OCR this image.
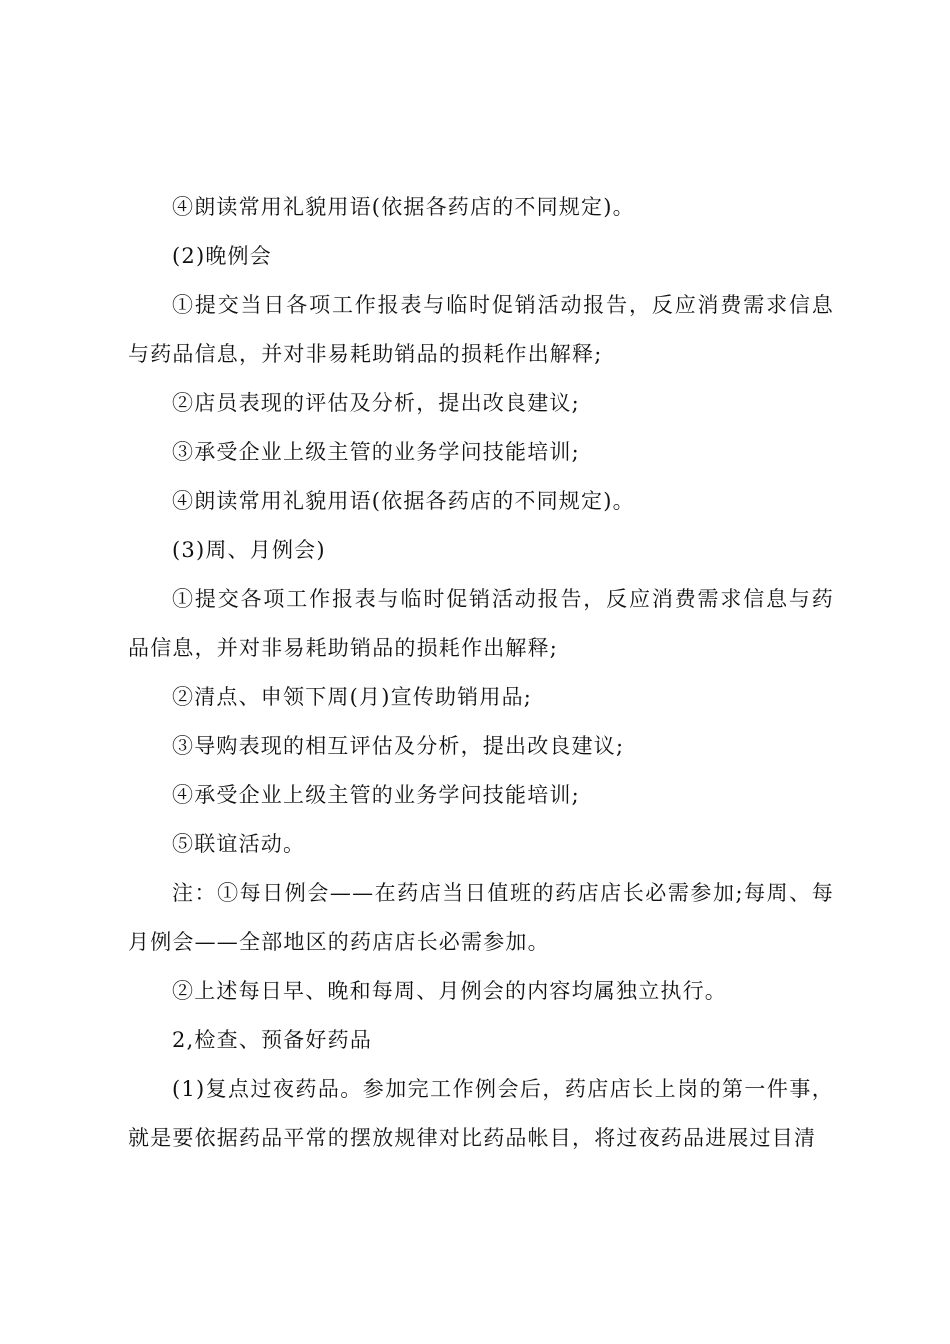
④朗读常用礼貌用语(依据各药店的不同规定)。

(2)晚例会

①提交当日各项工作报表与临时促销活动报告，反应消费需求信息与药品信息，并对非易耗助销品的损耗作出解释;

②店员表现的评估及分析，提出改良建议;

③承受企业上级主管的业务学问技能培训;

④朗读常用礼貌用语(依据各药店的不同规定)。

(3)周、月例会)

①提交各项工作报表与临时促销活动报告，反应消费需求信息与药品信息，并对非易耗助销品的损耗作出解释;

②清点、申领下周(月)宣传助销用品;

③导购表现的相互评估及分析，提出改良建议;

④承受企业上级主管的业务学问技能培训;

⑤联谊活动。

注：①每日例会——在药店当日值班的药店店长必需参加;每周、每月例会——全部地区的药店店长必需参加。

②上述每日早、晚和每周、月例会的内容均属独立执行。

2,检查、预备好药品

(1)复点过夜药品。参加完工作例会后，药店店长上岗的第一件事，就是要依据药品平常的摆放规律对比药品帐目，将过夜药品进展过目清
